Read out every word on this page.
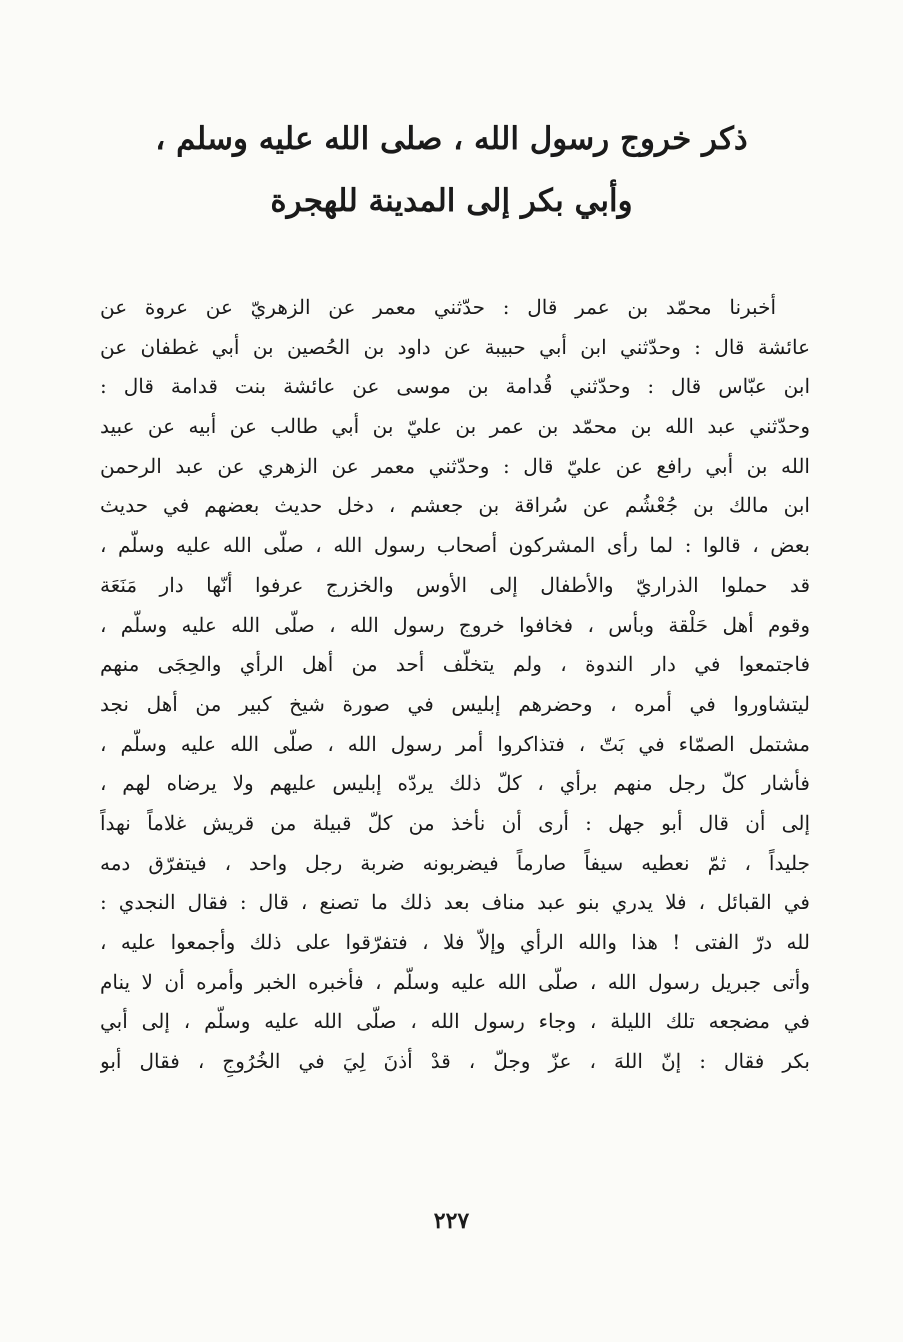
ذكر خروج رسول الله ، صلى الله عليه وسلم ،
وأبي بكر إلى المدينة للهجرة
أخبرنا محمّد بن عمر قال : حدّثني معمر عن الزهريّ عن عروة عن
عائشة قال : وحدّثني ابن أبي حبيبة عن داود بن الحُصين بن أبي غطفان عن
ابن عبّاس قال : وحدّثني قُدامة بن موسى عن عائشة بنت قدامة قال :
وحدّثني عبد الله بن محمّد بن عمر بن عليّ بن أبي طالب عن أبيه عن عبيد
الله بن أبي رافع عن عليّ قال : وحدّثني معمر عن الزهري عن عبد الرحمن
ابن مالك بن جُعْشُم عن سُراقة بن جعشم ، دخل حديث بعضهم في حديث
بعض ، قالوا : لما رأى المشركون أصحاب رسول الله ، صلّى الله عليه وسلّم ،
قد حملوا الذراريّ والأطفال إلى الأوس والخزرج عرفوا أنّها دار مَنَعَة
وقوم أهل حَلْقة وبأس ، فخافوا خروج رسول الله ، صلّى الله عليه وسلّم ،
فاجتمعوا في دار الندوة ، ولم يتخلّف أحد من أهل الرأي والحِجَى منهم
ليتشاوروا في أمره ، وحضرهم إبليس في صورة شيخ كبير من أهل نجد
مشتمل الصمّاء في بَتّ ، فتذاكروا أمر رسول الله ، صلّى الله عليه وسلّم ،
فأشار كلّ رجل منهم برأي ، كلّ ذلك يردّه إبليس عليهم ولا يرضاه لهم ،
إلى أن قال أبو جهل : أرى أن نأخذ من كلّ قبيلة من قريش غلاماً نهداً
جليداً ، ثمّ نعطيه سيفاً صارماً فيضربونه ضربة رجل واحد ، فيتفرّق دمه
في القبائل ، فلا يدري بنو عبد مناف بعد ذلك ما تصنع ، قال : فقال النجدي :
لله درّ الفتى ! هذا والله الرأي وإلاّ فلا ، فتفرّقوا على ذلك وأجمعوا عليه ،
وأتى جبريل رسول الله ، صلّى الله عليه وسلّم ، فأخبره الخبر وأمره أن لا ينام
في مضجعه تلك الليلة ، وجاء رسول الله ، صلّى الله عليه وسلّم ، إلى أبي
بكر فقال : إنّ اللهَ ، عزّ وجلّ ، قدْ أذنَ لِيَ في الخُرُوجِ ، فقال أبو
٢٢٧
